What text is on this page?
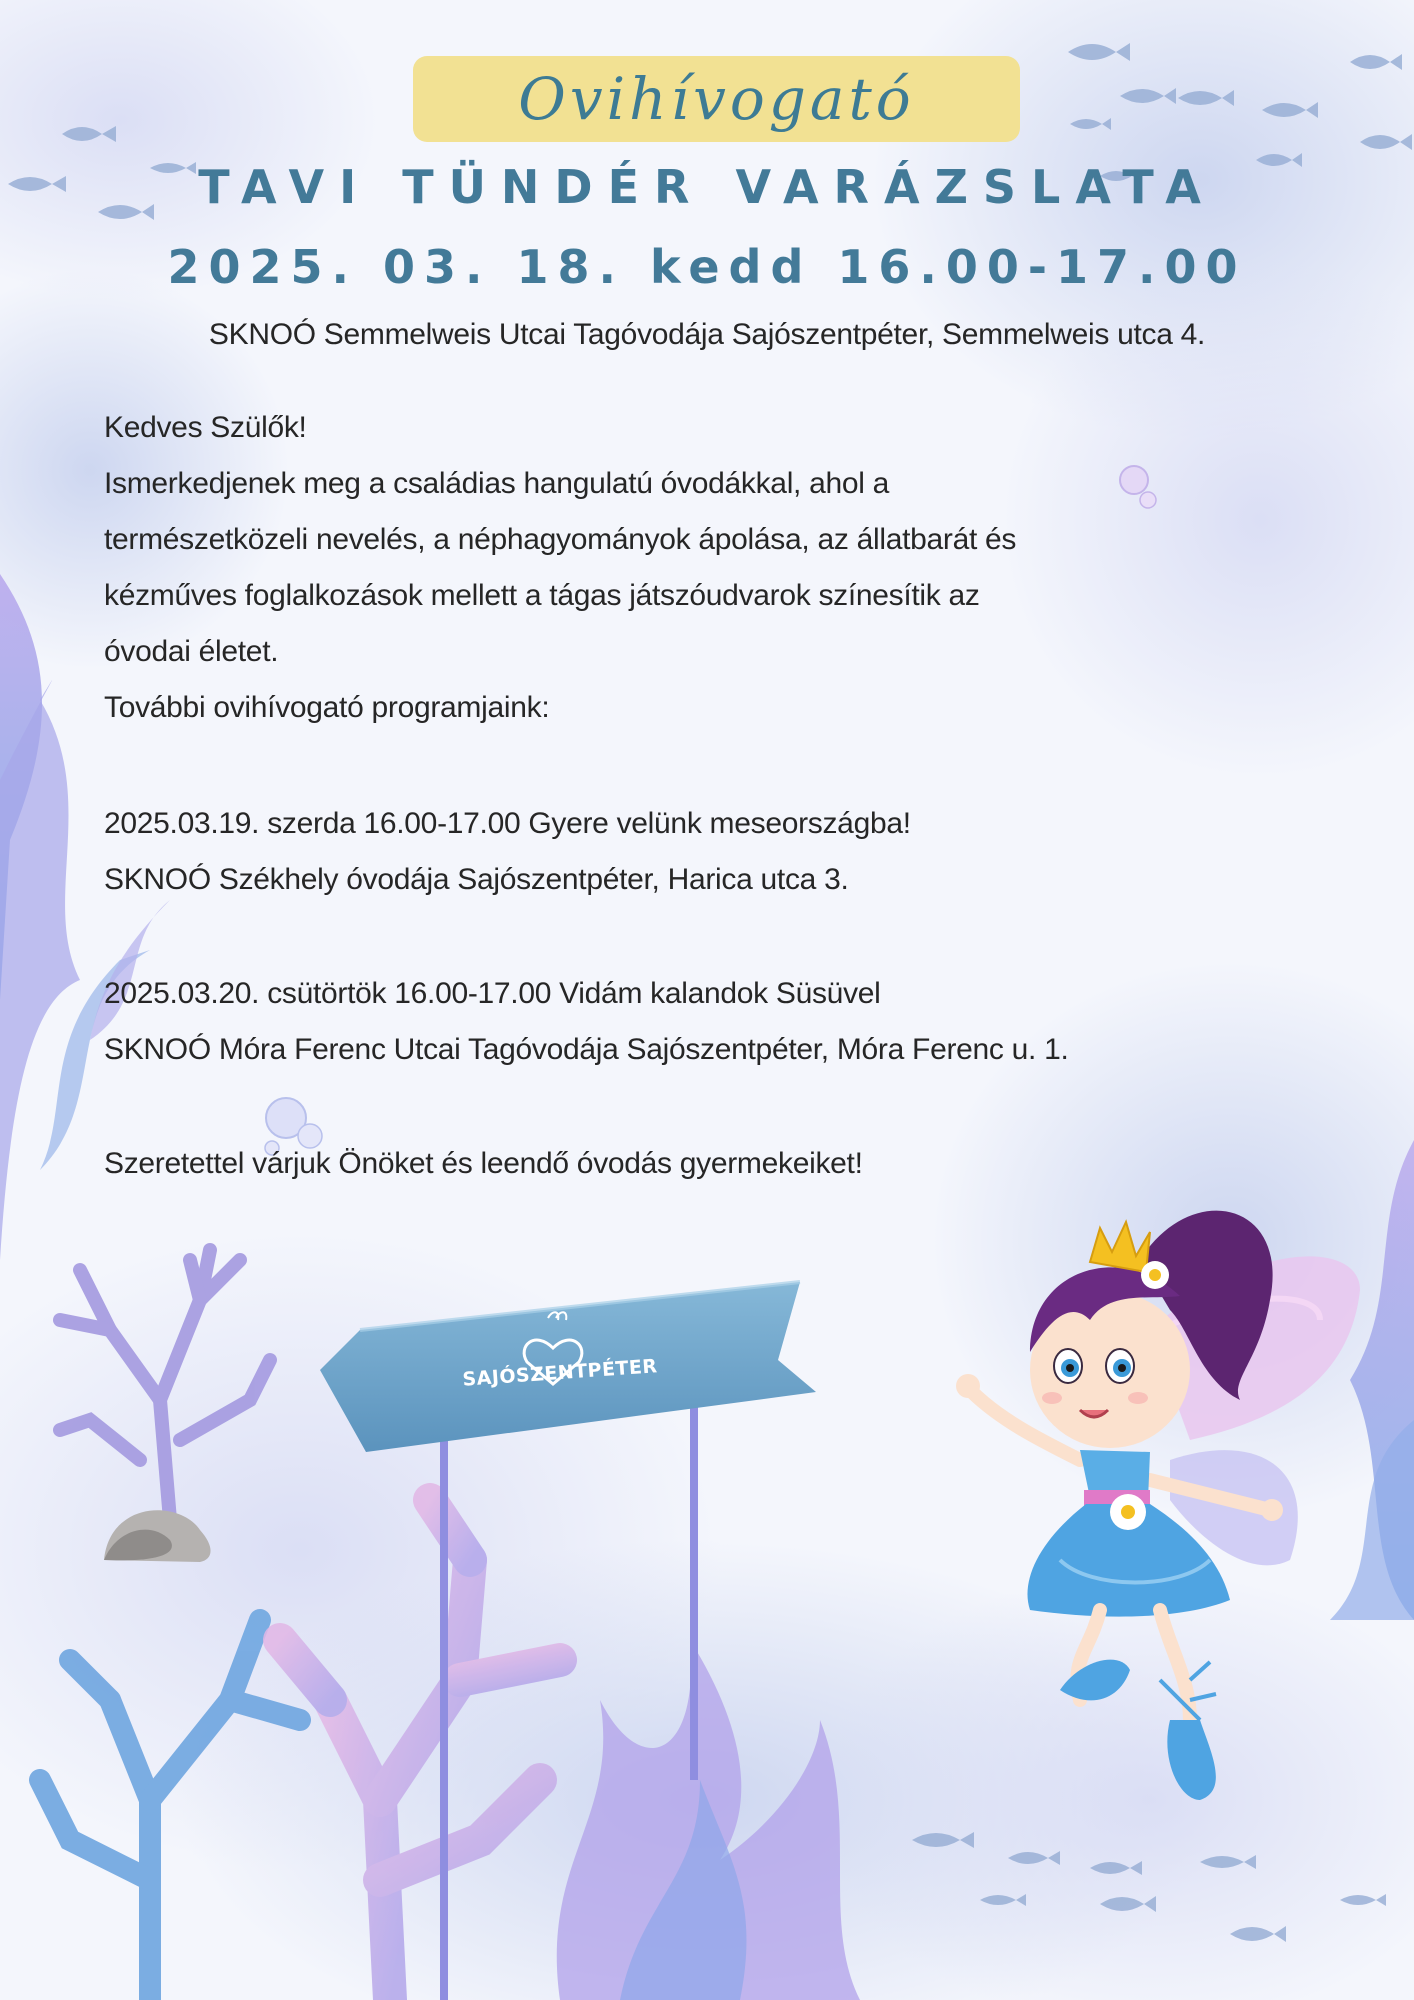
Ovihívogató
TAVI TÜNDÉR VARÁZSLATA
2025. 03. 18. kedd 16.00-17.00
SKNOÓ Semmelweis Utcai Tagóvodája Sajószentpéter, Semmelweis utca 4.

Kedves Szülők!

Ismerkedjenek meg a családias hangulatú óvodákkal, ahol a

természetközeli nevelés, a néphagyományok ápolása, az állatbarát és

kézműves foglalkozások mellett a tágas játszóudvarok színesítik az

óvodai életet.

További ovihívogató programjaink:

2025.03.19. szerda 16.00-17.00 Gyere velünk meseországba!

SKNOÓ Székhely óvodája Sajószentpéter, Harica utca 3.

2025.03.20. csütörtök 16.00-17.00 Vidám kalandok Süsüvel

SKNOÓ Móra Ferenc Utcai Tagóvodája Sajószentpéter, Móra Ferenc u. 1.

Szeretettel várjuk Önöket és leendő óvodás gyermekeiket!

SAJÓSZENTPÉTER
